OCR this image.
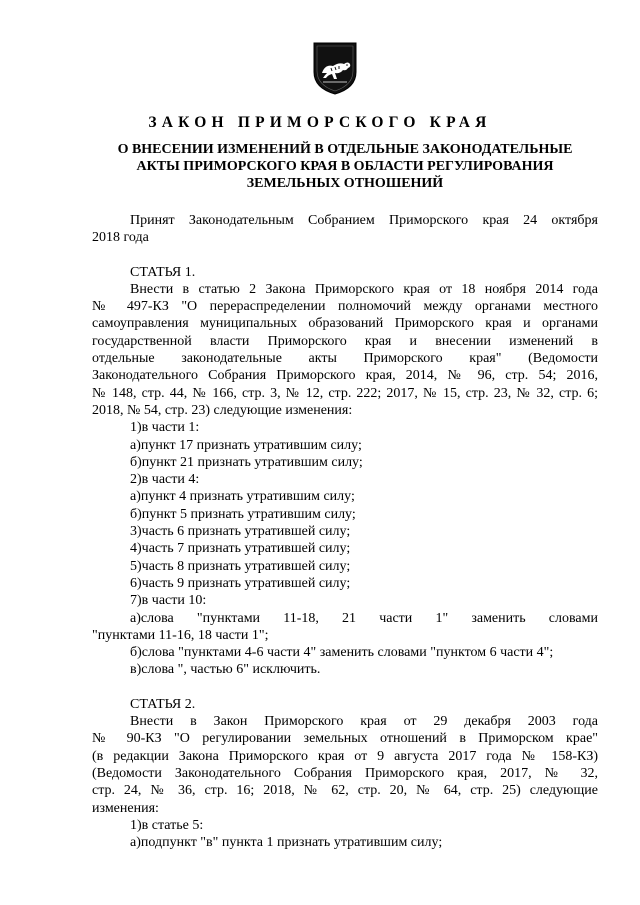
ЗАКОН ПРИМОРСКОГО КРАЯ
О ВНЕСЕНИИ ИЗМЕНЕНИЙ В ОТДЕЛЬНЫЕ ЗАКОНОДАТЕЛЬНЫЕ
АКТЫ ПРИМОРСКОГО КРАЯ В ОБЛАСТИ РЕГУЛИРОВАНИЯ
ЗЕМЕЛЬНЫХ ОТНОШЕНИЙ

Принят Законодательным Собранием Приморского края 24 октября

2018 года

СТАТЬЯ 1.

Внести в статью 2 Закона Приморского края от 18 ноября 2014 года

№ 497-КЗ "О перераспределении полномочий между органами местного

самоуправления муниципальных образований Приморского края и органами

государственной власти Приморского края и внесении изменений в

отдельные законодательные акты Приморского края" (Ведомости

Законодательного Собрания Приморского края, 2014, № 96, стр. 54; 2016,

№ 148, стр. 44, № 166, стр. 3, № 12, стр. 222; 2017, № 15, стр. 23, № 32, стр. 6;

2018, № 54, стр. 23) следующие изменения:

1)в части 1:

а)пункт 17 признать утратившим силу;

б)пункт 21 признать утратившим силу;

2)в части 4:

а)пункт 4 признать утратившим силу;

б)пункт 5 признать утратившим силу;

3)часть 6 признать утратившей силу;

4)часть 7 признать утратившей силу;

5)часть 8 признать утратившей силу;

6)часть 9 признать утратившей силу;

7)в части 10:

а)слова "пунктами 11-18, 21 части 1" заменить словами

"пунктами 11-16, 18 части 1";

б)слова "пунктами 4-6 части 4" заменить словами "пунктом 6 части 4";

в)слова ", частью 6" исключить.

СТАТЬЯ 2.

Внести в Закон Приморского края от 29 декабря 2003 года

№ 90-КЗ "О регулировании земельных отношений в Приморском крае"

(в редакции Закона Приморского края от 9 августа 2017 года № 158-КЗ)

(Ведомости Законодательного Собрания Приморского края, 2017, № 32,

стр. 24, № 36, стр. 16; 2018, № 62, стр. 20, № 64, стр. 25) следующие

изменения:

1)в статье 5:

а)подпункт "в" пункта 1 признать утратившим силу;
